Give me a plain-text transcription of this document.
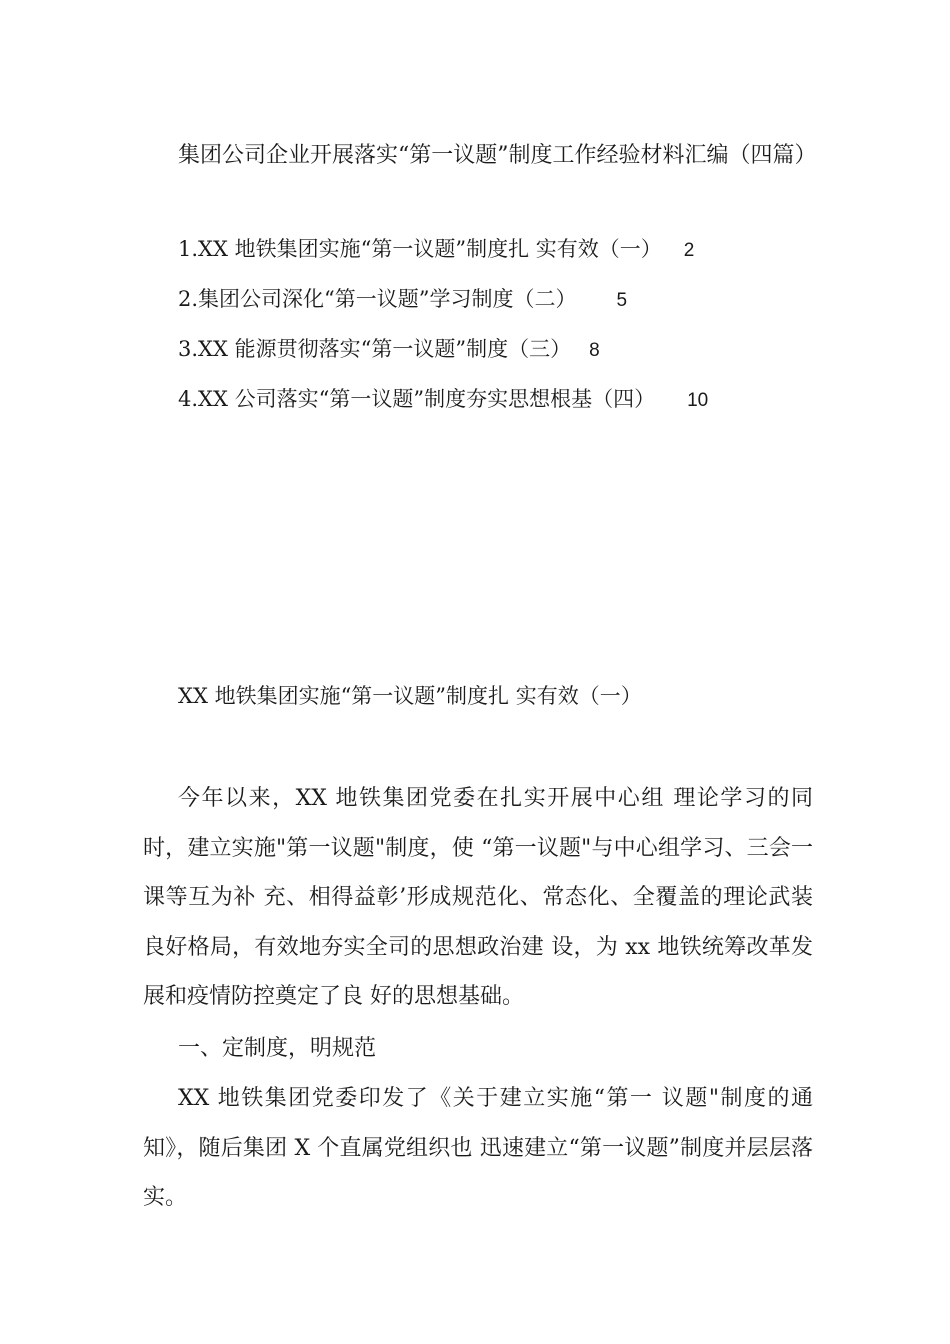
集团公司企业开展落实“第一议题”制度工作经验材料汇编（四篇）
1.XX 地铁集团实施“第一议题”制度扎 实有效（一） 2
2.集团公司深化“第一议题”学习制度（二） 5
3.XX 能源贯彻落实“第一议题”制度（三） 8
4.XX 公司落实“第一议题”制度夯实思想根基（四） 10
XX 地铁集团实施“第一议题”制度扎 实有效（一）

今年以来，XX 地铁集团党委在扎实开展中心组 理论学习的同时，建立实施"第一议题"制度，使 “第一议题"与中心组学习、三会一课等互为补 充、相得益彰’形成规范化、常态化、全覆盖的理论武装良好格局，有效地夯实全司的思想政治建 设，为 xx 地铁统筹改革发展和疫情防控奠定了良 好的思想基础。

一、定制度，明规范

XX 地铁集团党委印发了《关于建立实施“第一 议题"制度的通知》，随后集团 X 个直属党组织也 迅速建立“第一议题”制度并层层落实。
